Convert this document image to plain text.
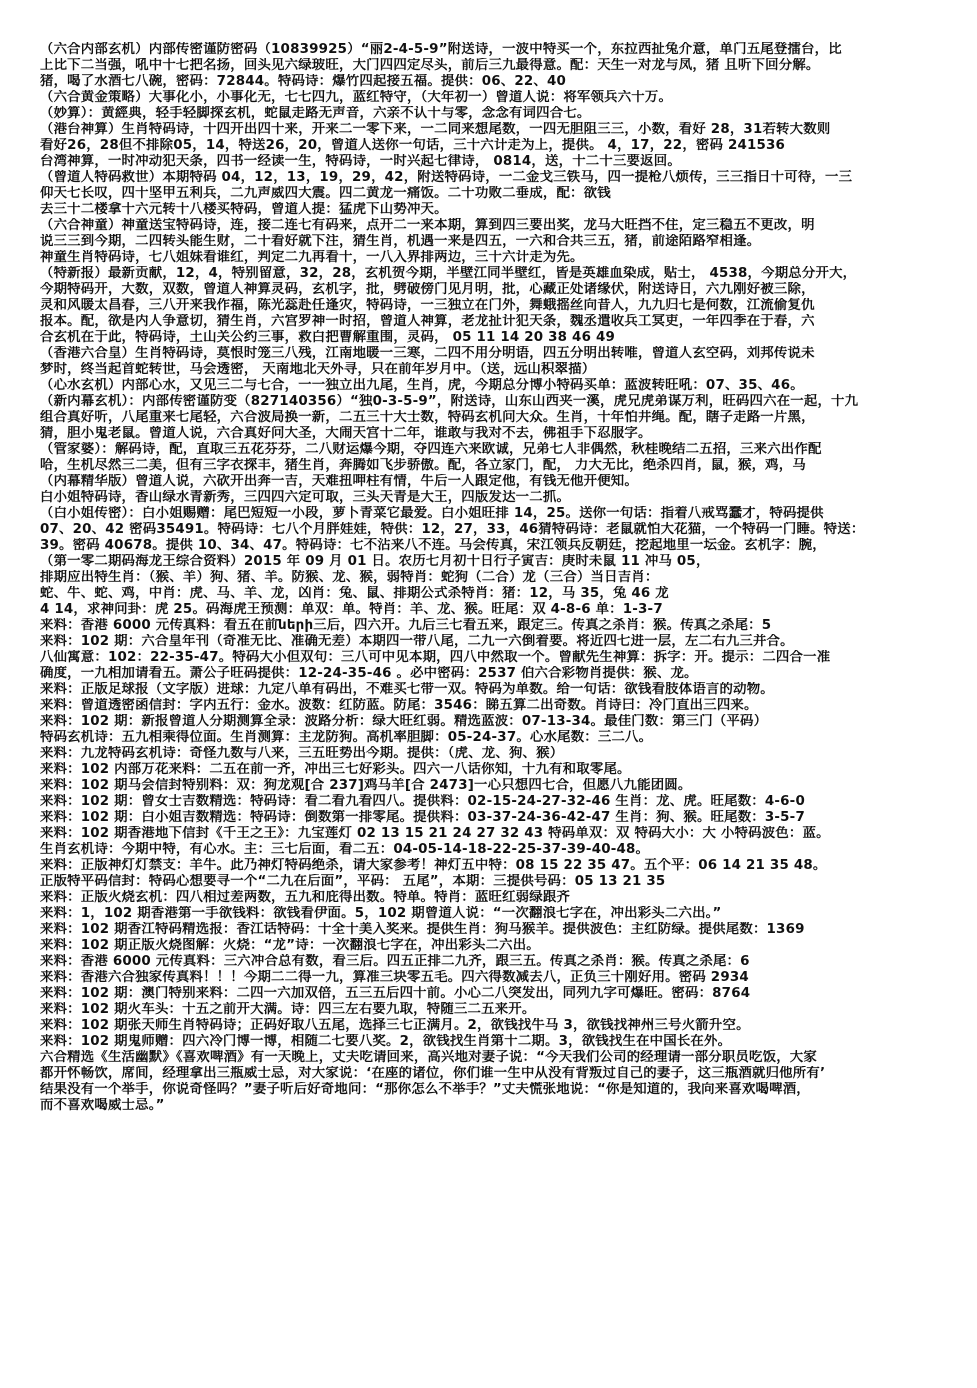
（六合内部玄机）内部传密谨防密码（10839925）“丽2-4-5-9”附送诗，一波中特买一个，东拉西扯兔介意，单门五尾登擂台，比
上比下二当强，吼中十七把名扬，回头见六绿玻旺，大门四四定尽头，前后三九最得意。配：天生一对龙与凤，猪 且听下回分解。
猪，喝了水酒七八碗，密码：72844。特码诗：爆竹四起接五福。提供：06、22、40
（六合黄金策略）大事化小，小事化无，七七四九，蓝红特守，（大年初一）曾道人说：将军领兵六十万。
（妙算）：黄經典，轻手轻脚探玄机，蛇鼠走路无声音，六亲不认十与零，念念有词四合七。
（港台神算）生肖特码诗，十四开出四十来，开来二一零下来，一二同来想尾数，一四无胆阻三三，小数，看好 28，31若转大数则
看好26，28但不排除05，14，特送26，20，曾道人送你一句话，三十六计走为上，提供。 4，17，22，密码 241536
台湾神算，一时冲动犯天条，四书一经读一生，特码诗，一时兴起七律诗， 0814，送，十二十三要返回。
（曾道人特码救世）本期特码 04，12，13，19，29，42，附送特码诗，一二金戈三铁马，四一提枪八烦传，三三指日十可待，一三
仰天七长叹，四十坚甲五利兵，二九声威四大震。四二黄龙一痛饭。二十功败二垂成，配：欲钱
去三十二楼拿十六元转十八楼买特码，曾道人提：猛虎下山势冲天。
（六合神童）神童送宝特码诗，连，接二连七有码来，点开二一来本期，算到四三要出奖，龙马大旺挡不住，定三稳五不更改，明
说三三到今期，二四转头能生财，二十看好就下注，猜生肖，机遇一来是四五，一六和合共三五，猪，前途陌路窄相逢。
神童生肖特码诗，七八姐妹看谁红，判定二九再看十，一八入界排两边，三十六计走为先。
（特新报）最新贡献，12，4，特别留意，32，28，玄机贺今期，半壁江同半壁红，皆是英雄血染成，贴士， 4538，今期总分开大，
今期特码开，大数，双数，曾道人神算灵码，玄机字，批，劈破傍门见月明，批，心藏正处诸缘伏，附送诗日，六九刚好被三除，
灵和风暖太昌春，三八开来我作福，陈光蕊赴任逢灾，特码诗，一三独立在门外，舞蛾摇丝向昔人，九九归七是何数，江流偷复仇
报本。配，欲是内人争意切，猜生肖，六宫罗神一时招，曾道人神算，老龙扯计犯天条，魏丞遣收兵工冥吏，一年四季在于春，六
合玄机在于此，特码诗，土山关公约三事，救白把曹解重围，灵码， 05 11 14 20 38 46 49
（香港六合皇）生肖特码诗，莫恨时笼三八残，江南地暖一三寒，二四不用分明语，四五分明出转唯，曾道人玄空码，刘邦传说未
梦时，终当起首蛇转世，马会透密， 天南地北天外寻，只在前年岁月中。（送，远山积翠描）
（心水玄机）内部心水，又见三二与七合，一一独立出九尾，生肖，虎，今期总分博小特码买单：蓝波转旺吼：07、35、46。
（新内幕玄机）：内部传密谨防变（827140356）“独0-3-5-9”，附送诗，山东山西夹一溪，虎兄虎弟谋万利，旺码四六在一起，十九
组合真好听，八尾重来七尾轻，六合波局换一新，二五三十大士数，特码玄机问大众。生肖，十年怕井绳。配，瞎子走路一片黑，
猜，胆小鬼老鼠。曾道人说，六合真好问大圣，大闹天宫十二年，谁敢与我对不去，佛祖手下忍服字。
（管家婆）：解码诗，配，直取三五花芬芬，二八财运爆今期，夺四连六来欧诚，兄弟七人非偶然，秋桂晚结二五招，三来六出作配
哈，生机尽然三二美，但有三字衣探丰，猪生肖，奔腾如飞步骄傲。配，各立家门，配， 力大无比，绝杀四肖，鼠，猴，鸡，马
（内幕精华版）曾道人说，六砍开出奔一吉，天难扭呷柱有情，牛后一人跟定他，有钱无他开便知。
白小姐特码诗，香山绿水青新秀，三四四六定可取，三头天青是大王，四版发达一二抓。
（白小姐传密）：白小姐赐赠：尾巴短短一小段，萝卜青菜它最爱。白小姐旺排 14，25。送你一句话：指着八戒骂蠢才，特码提供
07、20、42 密码35491。特码诗：七八个月胖娃娃，特供：12，27，33，46猜特码诗：老鼠就怕大花猫，一个特码一门睡。特送：
39。密码 40678。提供 10、34、47。特码诗：七不沾来八不连。马会传真，宋江领兵反朝廷，挖起地里一坛金。玄机字：腕，
（第一零二期码海龙王综合资料）2015 年 09 月 01 日。农历七月初十日行子寅吉：庚时未鼠 11 冲马 05，
排期应出特生肖：（猴、羊）狗、猪、羊。防猴、龙、猴，弱特肖：蛇狗（二合）龙（三合）当日吉肖：
蛇、牛、蛇、鸡，中肖：虎、马、羊、龙，凶肖：兔、鼠、排期公式杀特肖：猪：12，马 35，兔 46 龙
4 14，求神问卦：虎 25。码海虎王预测：单双：单。特肖：羊、龙、猴。旺尾：双 4-8-6 单：1-3-7
来料：香港 6000 元传真料：看五在前ների三后，四六开。九后三七看五来，跟定三。传真之杀肖：猴。传真之杀尾：5
来料：102 期：六合皇年刊（奇准无比、准确无差）本期四一带八尾，二九一六倒着要。将近四七进一层，左二右九三并合。
八仙寓意：102：22-35-47。特码大小但双句：三八可中见本期，四八中然取一个。曾献先生神算：拆字：开。提示：二四合一准
确度，一九相加请看五。萧公子旺码提供：12-24-35-46 。必中密码：2537 伯六合彩物肖提供：猴、龙。
来料：正版足球报（文字版）进球：九定八单有码出，不难买七带一双。特码为单数。给一句话：欲钱看肢体语言的动物。
来料：曾道透密函信封：字内五行：金水。波数：红防蓝。防尾：3546：睇五算二出奇数。肖诗曰：冷门直出三四来。
来料：102 期：新报曾道人分期测算全录：波路分析：绿大旺红弱。精选蓝波：07-13-34。最佳门数：第三门（平码）
特码玄机诗：五九相乘得位面。生肖测算：主龙防狗。高机率胆脚：05-24-37。心水尾数：三二八。
来料：九龙特码玄机诗：奇怪九数与八来，三五旺势出今期。提供：（虎、龙、狗、猴）
来料：102 内部万花来料：二五在前一齐，冲出三七好彩头。四六一八话你知，十九有和取零尾。
来料：102 期马会信封特别料：双：狗龙观[合 237]鸡马羊[合 2473]一心只想四七合，但愿八九能团圆。
来料：102 期：曾女士吉数精选：特码诗：看二看九看四八。提供料：02-15-24-27-32-46 生肖：龙、虎。旺尾数：4-6-0
来料：102 期：白小姐吉数精选：特码诗：倒数第一排零尾。提供料：03-37-24-36-42-47 生肖：狗、猴。旺尾数：3-5-7
来料：102 期香港地下信封《千王之王》：九宝莲灯 02 13 15 21 24 27 32 43 特码单双：双 特码大小：大 小特码波色：蓝。
生肖玄机诗：今期中特，有心水。主：三七后面，看二五：04-05-14-18-22-25-37-39-40-48。
来料：正版神灯灯禁支：羊牛。此乃神灯特码绝杀，请大家参考！神灯五中特：08 15 22 35 47。五个平：06 14 21 35 48。
正版特平码信封：特码心想要寻一个“二九在后面”，平码： 五尾”，本期：三提供号码：05 13 21 35
来料：正版火烧玄机：四八相过差两数，五九和庇得出数。特单。特肖：蓝旺红弱绿跟齐
来料：1，102 期香港第一手欲钱料：欲钱看伊面。5，102 期曾道人说：“一次翻浪七字在，冲出彩头二六出。”
来料：102 期香江特码精选报：香江话特码：十全十美入奖来。提供生肖：狗马猴羊。提供波色：主红防绿。提供尾数：1369
来料：102 期正版火烧图解：火烧：“龙”诗：一次翻浪七字在，冲出彩头二六出。
来料：香港 6000 元传真料：三六冲合总有数，看三后。四五正排二九齐，跟三五。传真之杀肖：猴。传真之杀尾：6
来料：香港六合独家传真料！！！今期二二得一九，算准三块零五毛。四六得数减去八，正负三十刚好用。密码 2934
来料：102 期：澳门特别来料：二四一六加双倍，五三五后四十前。小心二八突发出，同列九字可爆旺。密码：8764
来料：102 期火车头：十五之前开大满。诗：四三左右要九取，特随三二五来开。
来料：102 期张天师生肖特码诗；正码好取八五尾，选择三七正满月。2，欲钱找牛马 3，欲钱找神州三号火箭升空。
来料：102 期鬼师赠：四六冷门博一博，相随二七要八奖。2，欲钱找生肖第十二期。3，欲钱找生在中国长在外。
六合精选《生活幽默》《喜欢啤酒》有一天晚上，丈夫吃请回来，高兴地对妻子说：“今天我们公司的经理请一部分职员吃饭，大家
都开怀畅饮，席间，经理拿出三瓶威士忌，对大家说：‘在座的诸位，你们谁一生中从没有背叛过自己的妻子，这三瓶酒就归他所有’
结果没有一个举手，你说奇怪吗？”妻子听后好奇地问：“那你怎么不举手？”丈夫慌张地说：“你是知道的，我向来喜欢喝啤酒，
而不喜欢喝威士忌。”
